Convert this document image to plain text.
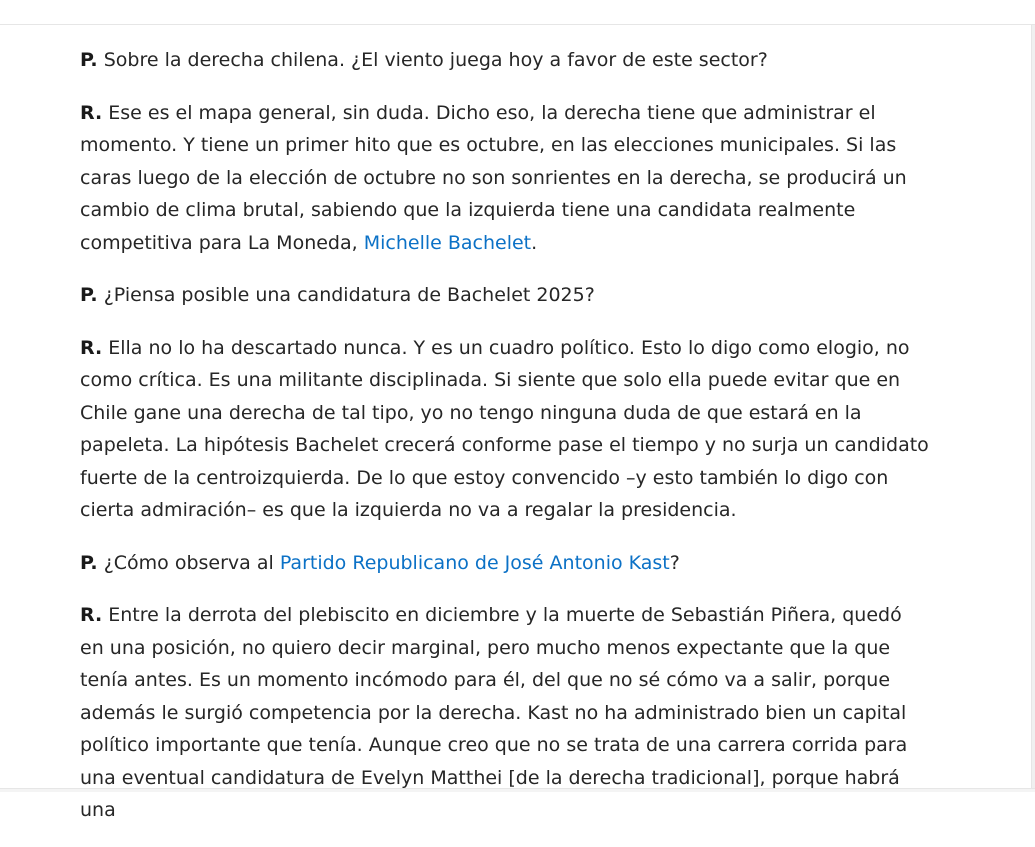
P. Sobre la derecha chilena. ¿El viento juega hoy a favor de este sector?

R. Ese es el mapa general, sin duda. Dicho eso, la derecha tiene que administrar el momento. Y tiene un primer hito que es octubre, en las elecciones municipales. Si las caras luego de la elección de octubre no son sonrientes en la derecha, se producirá un cambio de clima brutal, sabiendo que la izquierda tiene una candidata realmente competitiva para La Moneda, Michelle Bachelet.

P. ¿Piensa posible una candidatura de Bachelet 2025?

R. Ella no lo ha descartado nunca. Y es un cuadro político. Esto lo digo como elogio, no como crítica. Es una militante disciplinada. Si siente que solo ella puede evitar que en Chile gane una derecha de tal tipo, yo no tengo ninguna duda de que estará en la papeleta. La hipótesis Bachelet crecerá conforme pase el tiempo y no surja un candidato fuerte de la centroizquierda. De lo que estoy convencido –y esto también lo digo con cierta admiración– es que la izquierda no va a regalar la presidencia.

P. ¿Cómo observa al Partido Republicano de José Antonio Kast?

R. Entre la derrota del plebiscito en diciembre y la muerte de Sebastián Piñera, quedó en una posición, no quiero decir marginal, pero mucho menos expectante que la que tenía antes. Es un momento incómodo para él, del que no sé cómo va a salir, porque además le surgió competencia por la derecha. Kast no ha administrado bien un capital político importante que tenía. Aunque creo que no se trata de una carrera corrida para una eventual candidatura de Evelyn Matthei [de la derecha tradicional], porque habrá una
